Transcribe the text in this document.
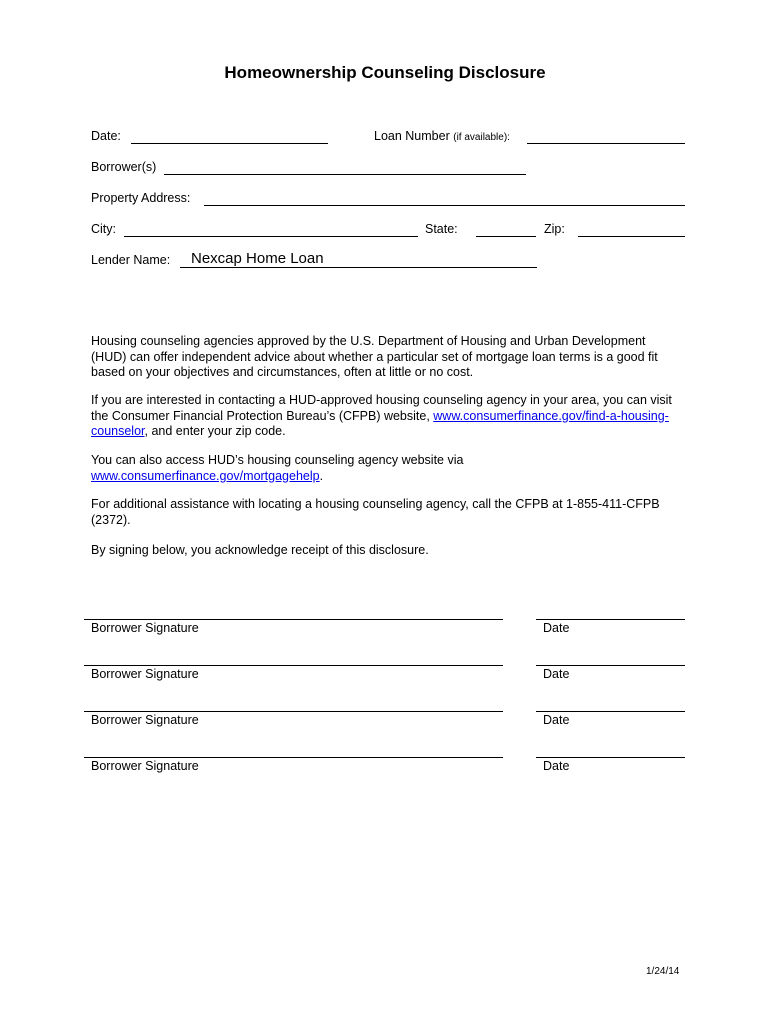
Homeownership Counseling Disclosure
Date:	Loan Number (if available):
Borrower(s)
Property Address:
City:	State:	Zip:
Lender Name: Nexcap Home Loan
Housing counseling agencies approved by the U.S. Department of Housing and Urban Development (HUD) can offer independent advice about whether a particular set of mortgage loan terms is a good fit based on your objectives and circumstances, often at little or no cost.
If you are interested in contacting a HUD-approved housing counseling agency in your area, you can visit the Consumer Financial Protection Bureau’s (CFPB) website, www.consumerfinance.gov/find-a-housing-counselor, and enter your zip code.
You can also access HUD’s housing counseling agency website via www.consumerfinance.gov/mortgagehelp.
For additional assistance with locating a housing counseling agency, call the CFPB at 1-855-411-CFPB (2372).
By signing below, you acknowledge receipt of this disclosure.
Borrower Signature	Date
Borrower Signature	Date
Borrower Signature	Date
Borrower Signature	Date
1/24/14
